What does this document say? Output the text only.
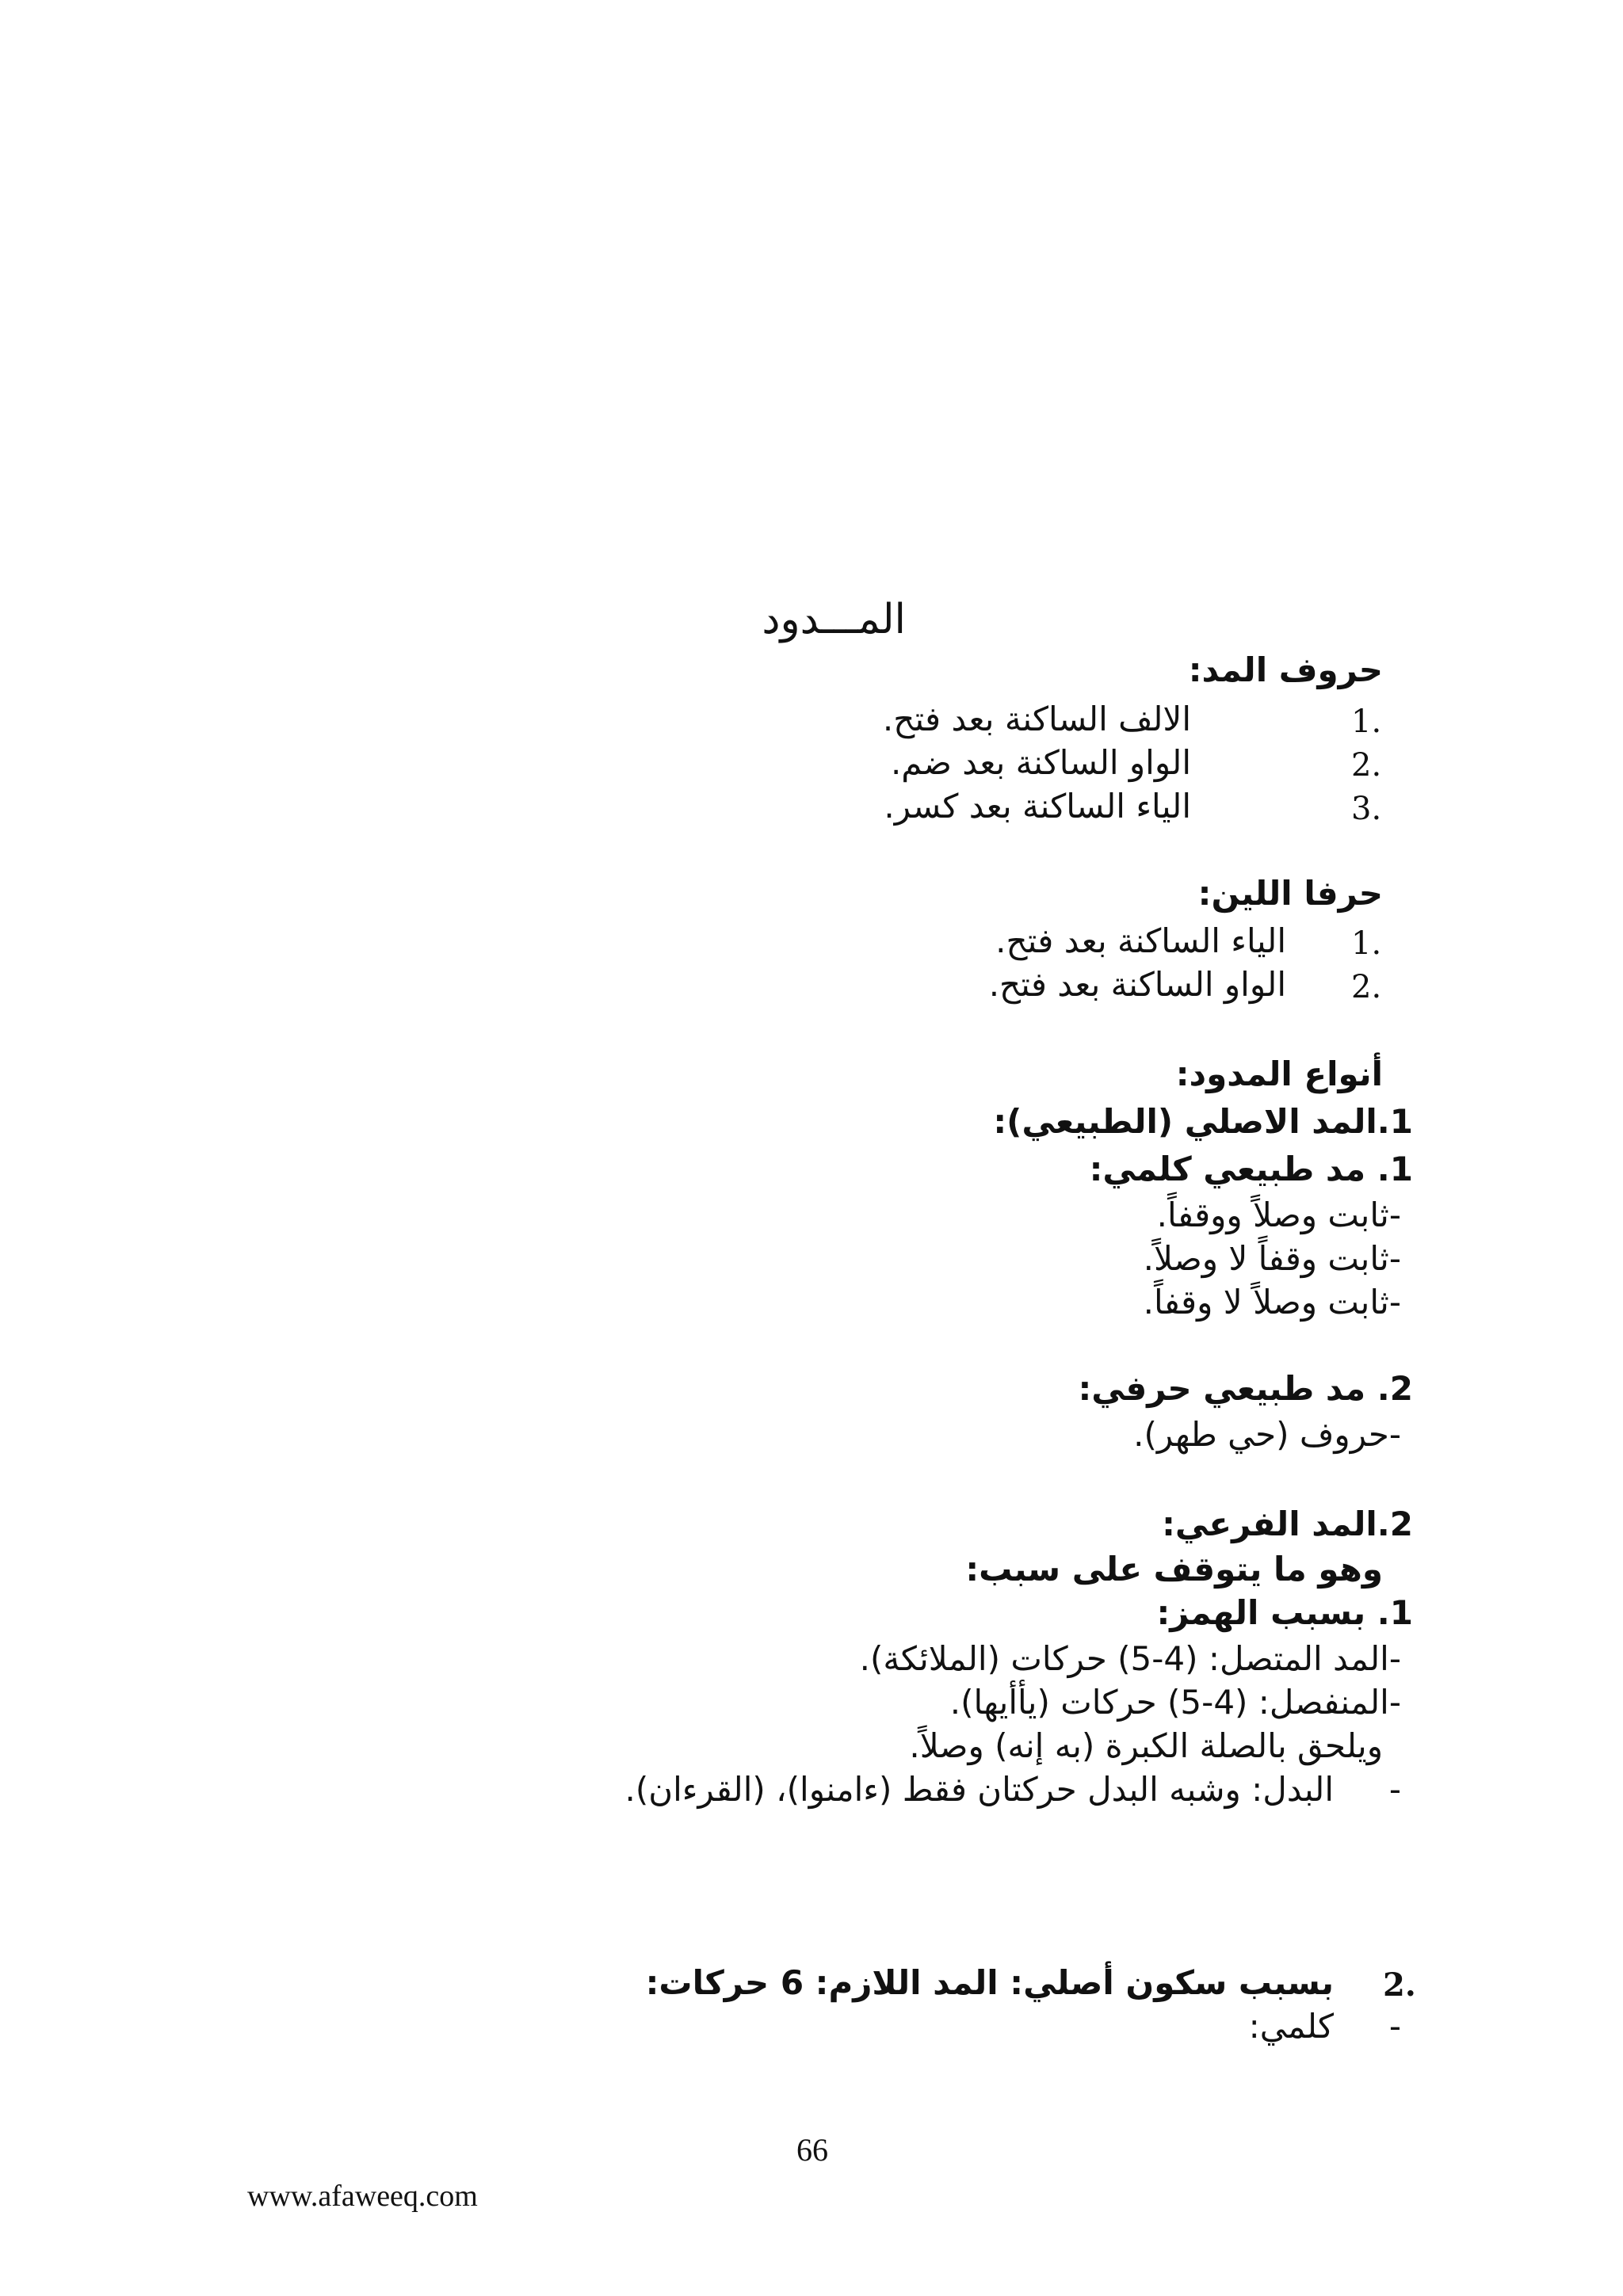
المـــدود
حروف المد:
1.
الالف الساكنة بعد فتح.
2.
الواو الساكنة بعد ضم.
3.
الياء الساكنة بعد كسر.
حرفا اللين:
1.
الياء الساكنة بعد فتح.
2.
الواو الساكنة بعد فتح.
أنواع المدود:
1.المد الاصلي (الطبيعي):
1. مد طبيعي كلمي:
-ثابت وصلاً ووقفاً.
-ثابت وقفاً لا وصلاً.
-ثابت وصلاً لا وقفاً.
2. مد طبيعي حرفي:
-حروف (حي طهر).
2.المد الفرعي:
وهو ما يتوقف على سبب:
1. بسبب الهمز:
-المد المتصل: (4-5) حركات (الملائكة).
-المنفصل: (4-5) حركات (يأأيها).
ويلحق بالصلة الكبرة (به إنه) وصلاً.
-
البدل: وشبه البدل حركتان فقط (ءامنوا)، (القرءان).
2.
بسبب سكون أصلي: المد اللازم: 6 حركات:
-
كلمي:
66
www.afaweeq.com
